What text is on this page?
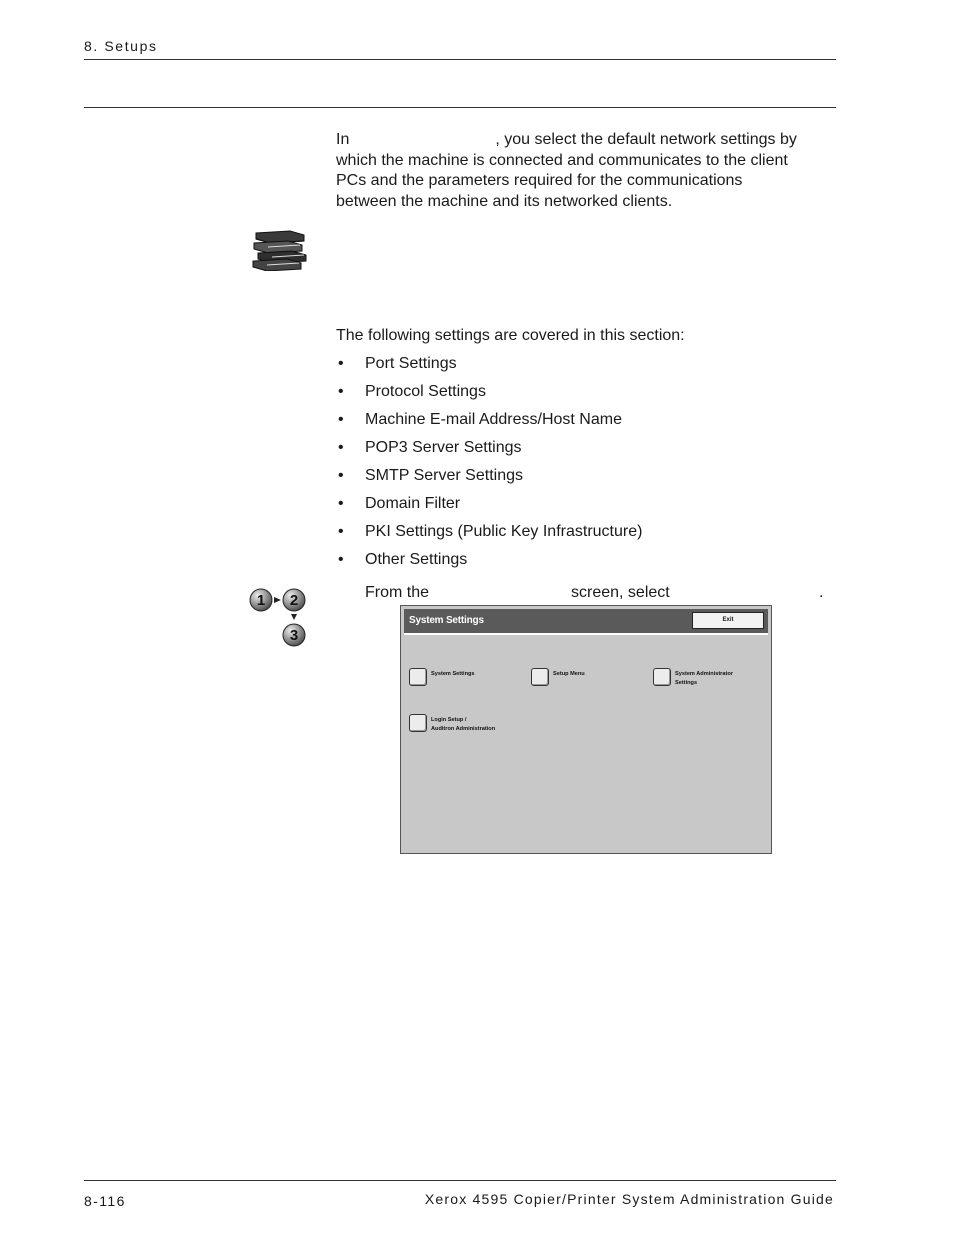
8. Setups
In	, you select the default network settings by
which the machine is connected and communicates to the client
PCs and the parameters required for the communications
between the machine and its networked clients.
The following settings are covered in this section:
• Port Settings
• Protocol Settings
• Machine E-mail Address/Host Name
• POP3 Server Settings
• SMTP Server Settings
• Domain Filter
• PKI Settings (Public Key Infrastructure)
• Other Settings
1 2
3
From the	screen, select	.
System Settings	Exit
System Settings	Setup Menu	System Administrator
Settings
Login Setup /
Auditron Administration
8-116	Xerox 4595 Copier/Printer System Administration Guide
